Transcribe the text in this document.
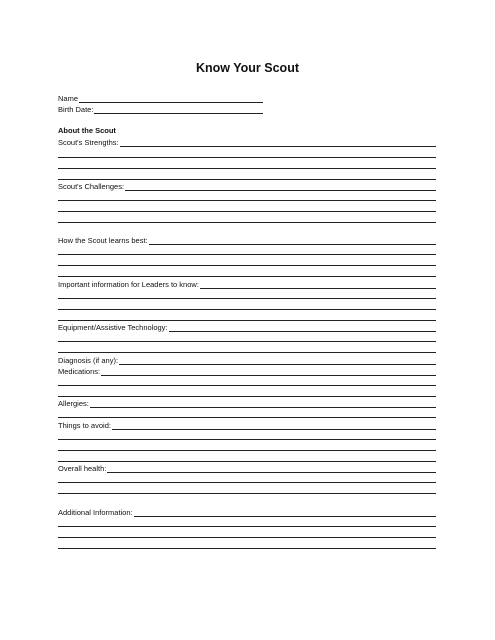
Know Your Scout
Name
Birth Date:
About the Scout
Scout's Strengths:
Scout's Challenges:
How the Scout learns best:
Important information for Leaders to know:
Equipment/Assistive Technology:
Diagnosis (if any):
Medications:
Allergies:
Things to avoid:
Overall health:
Additional Information:
